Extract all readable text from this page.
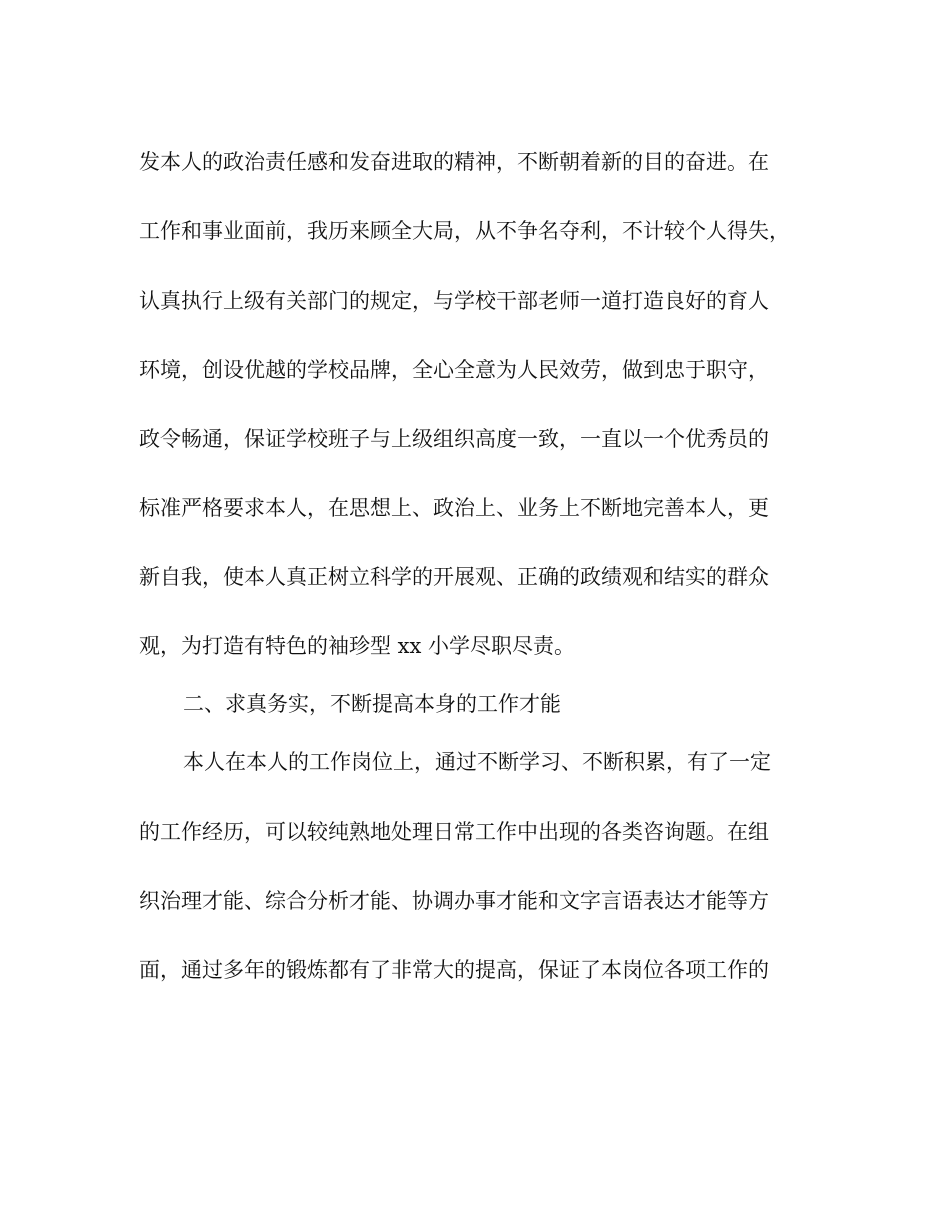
发本人的政治责任感和发奋进取的精神，不断朝着新的目的奋进。在
工作和事业面前，我历来顾全大局，从不争名夺利，不计较个人得失，
认真执行上级有关部门的规定，与学校干部老师一道打造良好的育人
环境，创设优越的学校品牌，全心全意为人民效劳，做到忠于职守，
政令畅通，保证学校班子与上级组织高度一致，一直以一个优秀员的
标准严格要求本人，在思想上、政治上、业务上不断地完善本人，更
新自我，使本人真正树立科学的开展观、正确的政绩观和结实的群众
观，为打造有特色的袖珍型 xx 小学尽职尽责。
二、求真务实，不断提高本身的工作才能
本人在本人的工作岗位上，通过不断学习、不断积累，有了一定
的工作经历，可以较纯熟地处理日常工作中出现的各类咨询题。在组
织治理才能、综合分析才能、协调办事才能和文字言语表达才能等方
面，通过多年的锻炼都有了非常大的提高，保证了本岗位各项工作的
